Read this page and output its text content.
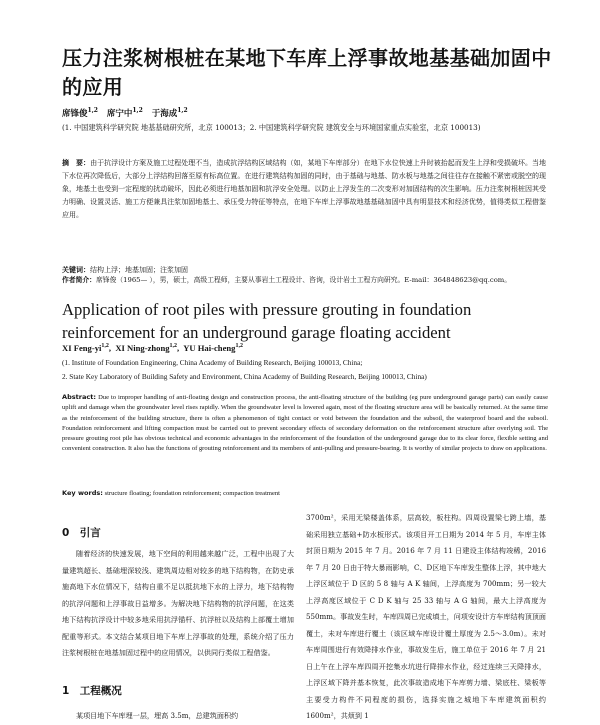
压力注浆树根桩在某地下车库上浮事故地基基础加固中的应用
席锋俊$^{1,2}$ 席宁中$^{1,2}$ 于海成$^{1,2}$
(1. 中国建筑科学研究院 地基基础研究所，北京 100013；2. 中国建筑科学研究院 建筑安全与环境国家重点实验室，北京 100013)
摘　要：由于抗浮设计方案及施工过程处理不当，造成抗浮结构区域结构（如，某地下车库部分）在地下水位快速上升时被抬起而发生上浮和受损破坏。当地下水位再次降低后，大部分上浮结构回落至原有标高位置。在进行建筑结构加固的同时，由于基础与地基、防水板与地基之间往往存在接触不紧密或脱空的现象，地基土也受到一定程度的扰动破坏，因此必须进行地基加固和抗浮安全处理。以防止上浮发生的二次变形对加固结构的次生影响。压力注浆树根桩因其受力明确、设置灵活、施工方便兼具注浆加固地基土、承压受力特征等特点，在地下车库上浮事故地基基础加固中具有明显技术和经济优势，值得类似工程借鉴应用。
Application of root piles with pressure grouting in foundation reinforcement for an underground garage floating accident
XI Feng-yi$^{1,2}$,  XI Ning-zhong$^{1,2}$,  YU Hai-cheng$^{1,2}$

(1. Institute of Foundation Engineering, China Academy of Building Research, Beijing 100013, China;

2. State Key Laboratory of Building Safety and Environment, China Academy of Building Research, Beijing 100013, China)

Abstract: Due to improper handling of anti-floating design and construction process, the anti-floating structure of the building (eg pure underground garage parts) can easily cause uplift and damage when the groundwater level rises rapidly. When the groundwater level is lowered again, most of the floating structure area will be basically returned. At the same time as the reinforcement of the building structure, there is often a phenomenon of tight contact or void between the foundation and the subsoil, the waterproof board and the subsoil. Foundation reinforcement and lifting compaction must be carried out to prevent secondary effects of secondary deformation on the reinforcement structure after overlying soil. The pressure grouting root pile has obvious technical and economic advantages in the reinforcement of the foundation of the underground garage due to its clear force, flexible setting and convenient construction. It also has the functions of grouting reinforcement and its members of anti-pulling and pressure-bearing. It is worthy of similar projects to draw on applications.
Key words: structure floating; foundation reinforcement; compaction treatment
0　引言
随着经济的快速发展，地下空间的利用越来越广泛，工程中出现了大量建筑超长、基础埋深较浅、建筑周边相对较多的地下结构物，在防史承施高地下水位情况下，结构自重不足以抵抗地下水的上浮力，地下结构物的抗浮问题和上浮事故日益增多。为解决地下结构物的抗浮问题，在这类地下结构抗浮设计中较多地采用抗浮锚杆、抗浮桩以及结构上部覆土增加配重等形式。本文结合某项目地下车库上浮事故的处理，系统介绍了压力注浆树根桩在地基加固过程中的应用情况，以供同行类似工程借鉴。
1　工程概况
某项目地下车库埋一层，埋高 3.5m，总建筑面积约
3700m²，采用无梁楼盖体系，层高较，板柱构。四周设置梁七跨上墙，基础采用独立基础+防水板形式。该项目开工日期为 2014 年 5 月，车库主体封顶日期为 2015 年 7 月。2016 年 7 月 11 日建设主体结构竣稀，2016 年 7 月 20 日由于特大暴雨影响，C、D区地下车库发生整体上浮，其中地大上浮区域位于 D 区的 5 8 轴与 A K 轴间，上浮高度为 700mm；另一较大上浮高度区域位于 C D K 轴与 25 33 轴与 A G 轴间，最大上浮高度为 550mm。事故发生时，车库四周已完成填土，问项安设计方车库结构顶顶面覆土，未对车库进行覆土（该区域车库设计覆土厚度为 2.5～3.0m）。未对车库周围进行有效降排水作业，事故发生后，施工单位于 2016 年 7 月 21 日上午在上浮车库四周开挖集水坑进行降排水作业，经过连续三天降排水，上浮区域下降并基本恢复，此次事故造成地下车库剪力墙、梁底柱、梁板等主要受力构件不同程度的损伤，选择实施之城地下车库建筑面积约 1600m²，共烦到 1
关键词：结构上浮；地基加固；注浆加固
作者简介：席锋俊（1965— ），男，硕士，高级工程师，主要从事岩土工程设计、咨询，设计岩土工程方向研究。E-mail：364848623@qq.com。
